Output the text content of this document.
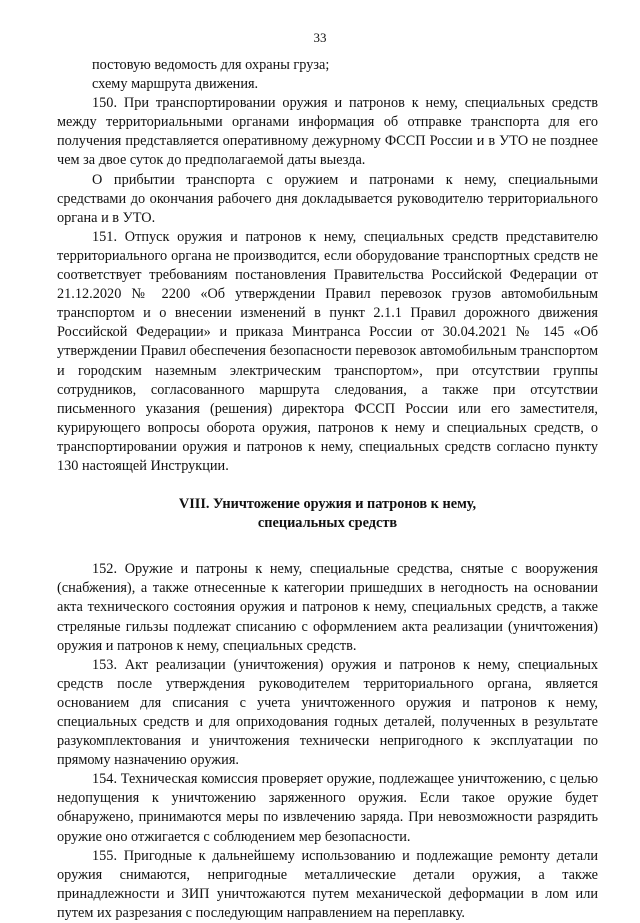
33

постовую ведомость для охраны груза;

схему маршрута движения.

150. При транспортировании оружия и патронов к нему, специальных средств между территориальными органами информация об отправке транспорта для его получения представляется оперативному дежурному ФССП России и в УТО не позднее чем за двое суток до предполагаемой даты выезда.

О прибытии транспорта с оружием и патронами к нему, специальными средствами до окончания рабочего дня докладывается руководителю территориального органа и в УТО.

151. Отпуск оружия и патронов к нему, специальных средств представителю территориального органа не производится, если оборудование транспортных средств не соответствует требованиям постановления Правительства Российской Федерации от 21.12.2020 № 2200 «Об утверждении Правил перевозок грузов автомобильным транспортом и о внесении изменений в пункт 2.1.1 Правил дорожного движения Российской Федерации» и приказа Минтранса России от 30.04.2021 № 145 «Об утверждении Правил обеспечения безопасности перевозок автомобильным транспортом и городским наземным электрическим транспортом», при отсутствии группы сотрудников, согласованного маршрута следования, а также при отсутствии письменного указания (решения) директора ФССП России или его заместителя, курирующего вопросы оборота оружия, патронов к нему и специальных средств, о транспортировании оружия и патронов к нему, специальных средств согласно пункту 130 настоящей Инструкции.

VIII. Уничтожение оружия и патронов к нему,
специальных средств

152. Оружие и патроны к нему, специальные средства, снятые с вооружения (снабжения), а также отнесенные к категории пришедших в негодность на основании акта технического состояния оружия и патронов к нему, специальных средств, а также стреляные гильзы подлежат списанию с оформлением акта реализации (уничтожения) оружия и патронов к нему, специальных средств.

153. Акт реализации (уничтожения) оружия и патронов к нему, специальных средств после утверждения руководителем территориального органа, является основанием для списания с учета уничтоженного оружия и патронов к нему, специальных средств и для оприходования годных деталей, полученных в результате разукомплектования и уничтожения технически непригодного к эксплуатации по прямому назначению оружия.

154. Техническая комиссия проверяет оружие, подлежащее уничтожению, с целью недопущения к уничтожению заряженного оружия. Если такое оружие будет обнаружено, принимаются меры по извлечению заряда. При невозможности разрядить оружие оно отжигается с соблюдением мер безопасности.

155. Пригодные к дальнейшему использованию и подлежащие ремонту детали оружия снимаются, непригодные металлические детали оружия, а также принадлежности и ЗИП уничтожаются путем механической деформации в лом или путем их разрезания с последующим направлением на переплавку.
